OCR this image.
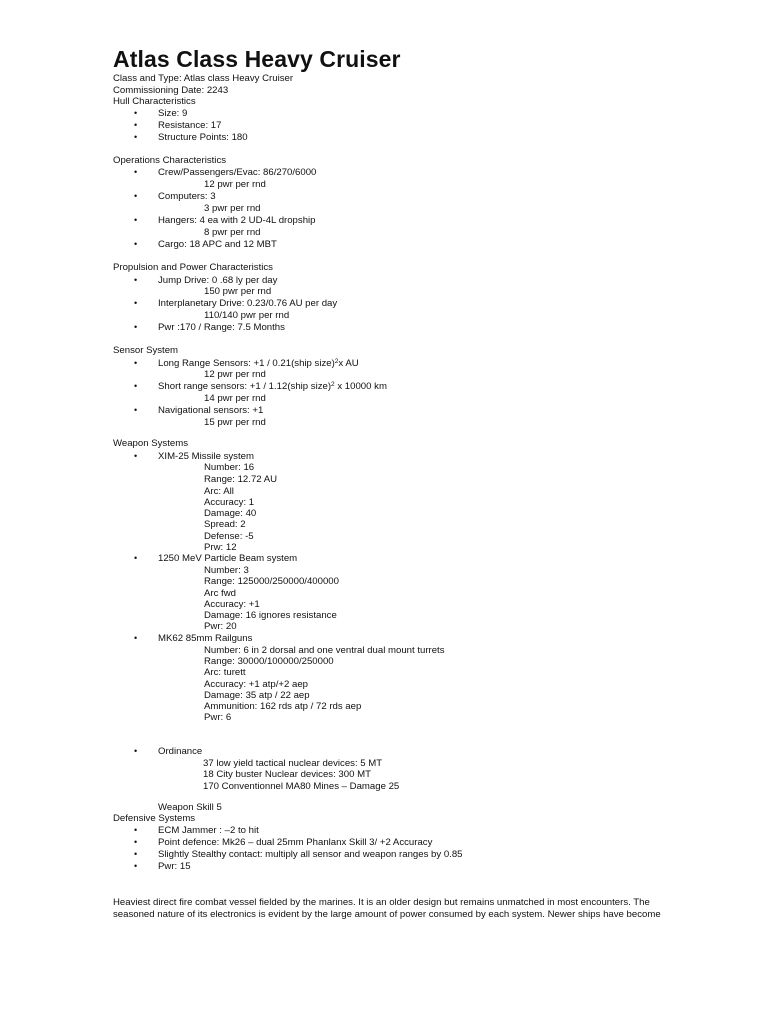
Atlas Class Heavy Cruiser
Class and Type: Atlas class Heavy Cruiser
Commissioning Date: 2243
Hull Characteristics
• Size: 9
• Resistance: 17
• Structure Points: 180
Operations Characteristics
• Crew/Passengers/Evac: 86/270/6000
12 pwr per rnd
• Computers: 3
3 pwr per rnd
• Hangers: 4 ea with 2 UD-4L dropship
8 pwr per rnd
• Cargo: 18 APC and 12 MBT
Propulsion and Power Characteristics
• Jump Drive: 0 .68 ly per day
150 pwr per rnd
• Interplanetary Drive: 0.23/0.76 AU per day
110/140 pwr per rnd
• Pwr :170 / Range: 7.5 Months
Sensor System
• Long Range Sensors: +1 / 0.21(ship size)$^2$x AU
12 pwr per rnd
• Short range sensors: +1 / 1.12(ship size)$^2$ x 10000 km
14 pwr per rnd
• Navigational sensors: +1
15 pwr per rnd
Weapon Systems
• XIM-25 Missile system
Number: 16
Range: 12.72 AU
Arc: All
Accuracy: 1
Damage: 40
Spread: 2
Defense: -5
Prw: 12
• 1250 MeV Particle Beam system
Number: 3
Range: 125000/250000/400000
Arc fwd
Accuracy: +1
Damage: 16 ignores resistance
Pwr: 20
• MK62 85mm Railguns
Number: 6 in 2 dorsal and one ventral dual mount turrets
Range: 30000/100000/250000
Arc: turett
Accuracy: +1 atp/+2 aep
Damage: 35 atp / 22 aep
Ammunition: 162 rds atp / 72 rds aep
Pwr: 6
• Ordinance
37 low yield tactical nuclear devices: 5 MT
18 City buster Nuclear devices: 300 MT
170 Conventionnel MA80 Mines – Damage 25
Weapon Skill 5
Defensive Systems
• ECM Jammer : –2 to hit
• Point defence: Mk26 – dual 25mm Phanlanx Skill 3/ +2 Accuracy
• Slightly Stealthy contact: multiply all sensor and weapon ranges by 0.85
• Pwr: 15
Heaviest direct fire combat vessel fielded by the marines. It is an older design but remains unmatched in most encounters. The
seasoned nature of its electronics is evident by the large amount of power consumed by each system. Newer ships have become
